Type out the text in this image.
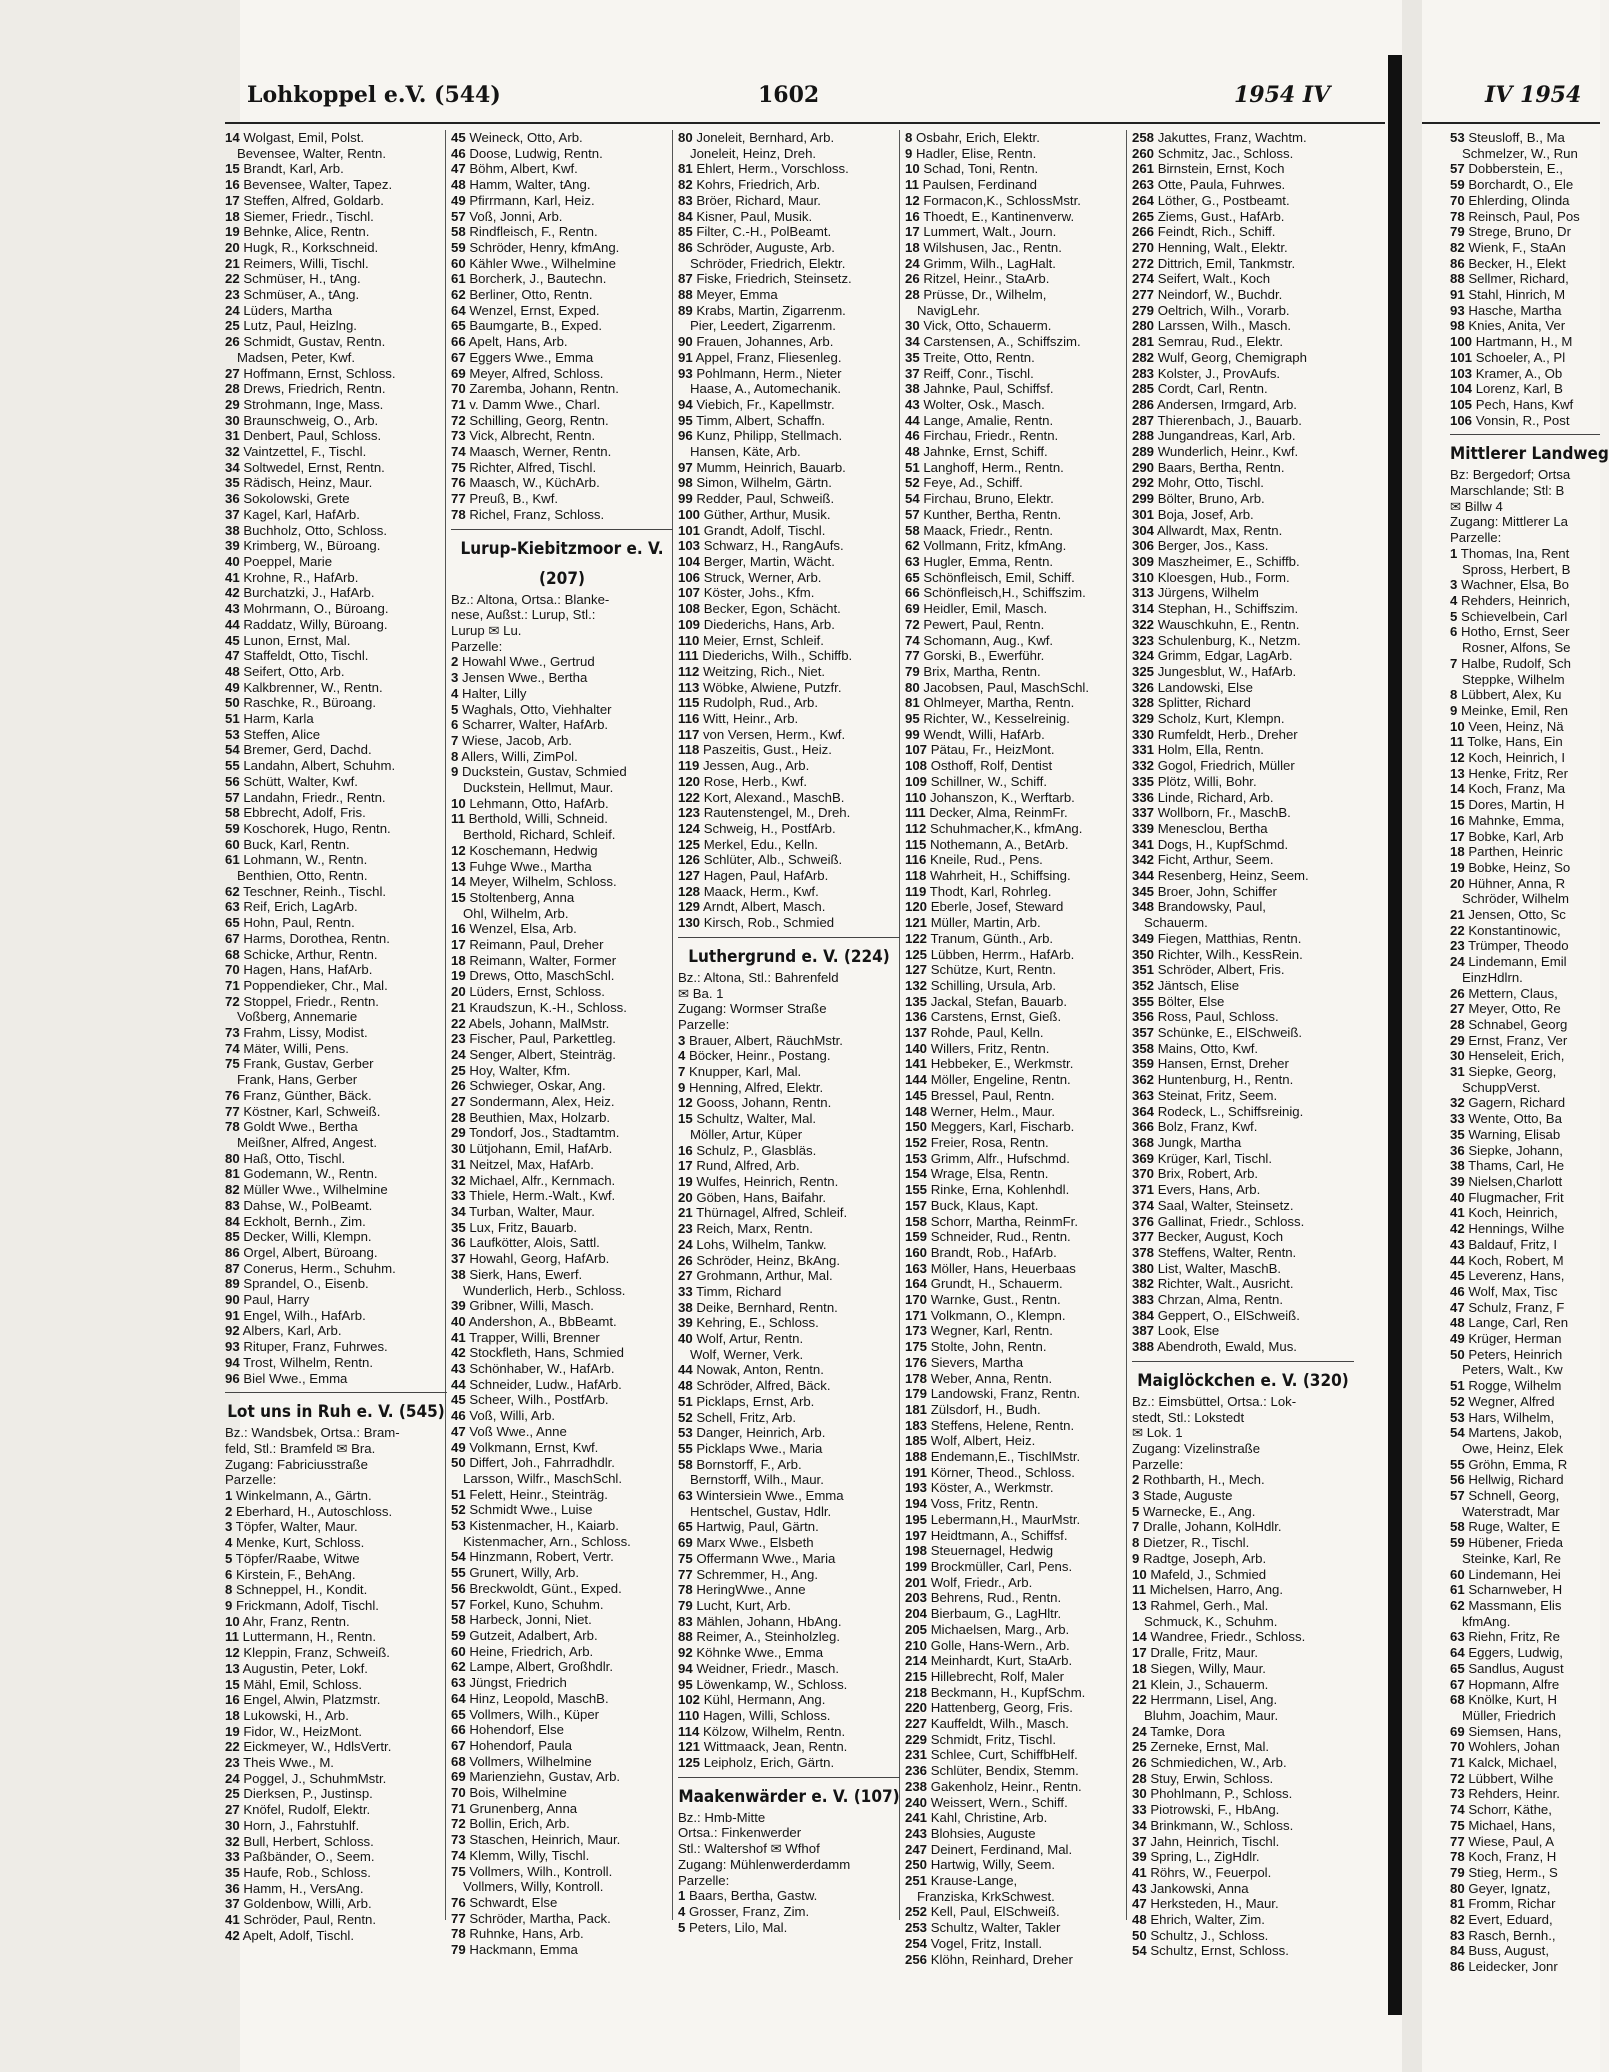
Lohkoppel e.V. (544)	1602	1954 IV	IV 1954
14 Wolgast, Emil, Polst.
Bevensee, Walter, Rentn.
15 Brandt, Karl, Arb.
16 Bevensee, Walter, Tapez.
17 Steffen, Alfred, Goldarb.
18 Siemer, Friedr., Tischl.
19 Behnke, Alice, Rentn.
20 Hugk, R., Korkschneid.
21 Reimers, Willi, Tischl.
22 Schmüser, H., tAng.
23 Schmüser, A., tAng.
24 Lüders, Martha
25 Lutz, Paul, Heizlng.
26 Schmidt, Gustav, Rentn.
Madsen, Peter, Kwf.
27 Hoffmann, Ernst, Schloss.
28 Drews, Friedrich, Rentn.
29 Strohmann, Inge, Mass.
30 Braunschweig, O., Arb.
31 Denbert, Paul, Schloss.
32 Vaintzettel, F., Tischl.
34 Soltwedel, Ernst, Rentn.
35 Rädisch, Heinz, Maur.
36 Sokolowski, Grete
37 Kagel, Karl, HafArb.
38 Buchholz, Otto, Schloss.
39 Krimberg, W., Büroang.
40 Poeppel, Marie
41 Krohne, R., HafArb.
42 Burchatzki, J., HafArb.
43 Mohrmann, O., Büroang.
44 Raddatz, Willy, Büroang.
45 Lunon, Ernst, Mal.
47 Staffeldt, Otto, Tischl.
48 Seifert, Otto, Arb.
49 Kalkbrenner, W., Rentn.
50 Raschke, R., Büroang.
51 Harm, Karla
53 Steffen, Alice
54 Bremer, Gerd, Dachd.
55 Landahn, Albert, Schuhm.
56 Schütt, Walter, Kwf.
57 Landahn, Friedr., Rentn.
58 Ebbrecht, Adolf, Fris.
59 Koschorek, Hugo, Rentn.
60 Buck, Karl, Rentn.
61 Lohmann, W., Rentn.
Benthien, Otto, Rentn.
62 Teschner, Reinh., Tischl.
63 Reif, Erich, LagArb.
65 Hohn, Paul, Rentn.
67 Harms, Dorothea, Rentn.
68 Schicke, Arthur, Rentn.
70 Hagen, Hans, HafArb.
71 Poppendieker, Chr., Mal.
72 Stoppel, Friedr., Rentn.
Voßberg, Annemarie
73 Frahm, Lissy, Modist.
74 Mäter, Willi, Pens.
75 Frank, Gustav, Gerber
Frank, Hans, Gerber
76 Franz, Günther, Bäck.
77 Köstner, Karl, Schweiß.
78 Goldt Wwe., Bertha
Meißner, Alfred, Angest.
80 Haß, Otto, Tischl.
81 Godemann, W., Rentn.
82 Müller Wwe., Wilhelmine
83 Dahse, W., PolBeamt.
84 Eckholt, Bernh., Zim.
85 Decker, Willi, Klempn.
86 Orgel, Albert, Büroang.
87 Conerus, Herm., Schuhm.
89 Sprandel, O., Eisenb.
90 Paul, Harry
91 Engel, Wilh., HafArb.
92 Albers, Karl, Arb.
93 Rituper, Franz, Fuhrwes.
94 Trost, Wilhelm, Rentn.
96 Biel Wwe., Emma
Lot uns in Ruh e. V. (545)
Bz.: Wandsbek, Ortsa.: Bram-
feld, Stl.: Bramfeld ✉ Bra.
Zugang: Fabriciusstraße
Parzelle:
1 Winkelmann, A., Gärtn.
2 Eberhard, H., Autoschloss.
3 Töpfer, Walter, Maur.
4 Menke, Kurt, Schloss.
5 Töpfer/Raabe, Witwe
6 Kirstein, F., BehAng.
8 Schneppel, H., Kondit.
9 Frickmann, Adolf, Tischl.
10 Ahr, Franz, Rentn.
11 Luttermann, H., Rentn.
12 Kleppin, Franz, Schweiß.
13 Augustin, Peter, Lokf.
15 Mähl, Emil, Schloss.
16 Engel, Alwin, Platzmstr.
18 Lukowski, H., Arb.
19 Fidor, W., HeizMont.
22 Eickmeyer, W., HdlsVertr.
23 Theis Wwe., M.
24 Poggel, J., SchuhmMstr.
25 Dierksen, P., Justinsp.
27 Knöfel, Rudolf, Elektr.
30 Horn, J., Fahrstuhlf.
32 Bull, Herbert, Schloss.
33 Paßbänder, O., Seem.
35 Haufe, Rob., Schloss.
36 Hamm, H., VersAng.
37 Goldenbow, Willi, Arb.
41 Schröder, Paul, Rentn.
42 Apelt, Adolf, Tischl.
45 Weineck, Otto, Arb.
46 Doose, Ludwig, Rentn.
47 Böhm, Albert, Kwf.
48 Hamm, Walter, tAng.
49 Pfirrmann, Karl, Heiz.
57 Voß, Jonni, Arb.
58 Rindfleisch, F., Rentn.
59 Schröder, Henry, kfmAng.
60 Kähler Wwe., Wilhelmine
61 Borcherk, J., Bautechn.
62 Berliner, Otto, Rentn.
64 Wenzel, Ernst, Exped.
65 Baumgarte, B., Exped.
66 Apelt, Hans, Arb.
67 Eggers Wwe., Emma
69 Meyer, Alfred, Schloss.
70 Zaremba, Johann, Rentn.
71 v. Damm Wwe., Charl.
72 Schilling, Georg, Rentn.
73 Vick, Albrecht, Rentn.
74 Maasch, Werner, Rentn.
75 Richter, Alfred, Tischl.
76 Maasch, W., KüchArb.
77 Preuß, B., Kwf.
78 Richel, Franz, Schloss.
Lurup-Kiebitzmoor e. V.
(207)
Bz.: Altona, Ortsa.: Blanke-
nese, Außst.: Lurup, Stl.:
Lurup ✉ Lu.
Parzelle:
2 Howahl Wwe., Gertrud
3 Jensen Wwe., Bertha
4 Halter, Lilly
5 Waghals, Otto, Viehhalter
6 Scharrer, Walter, HafArb.
7 Wiese, Jacob, Arb.
8 Allers, Willi, ZimPol.
9 Duckstein, Gustav, Schmied
Duckstein, Hellmut, Maur.
10 Lehmann, Otto, HafArb.
11 Berthold, Willi, Schneid.
Berthold, Richard, Schleif.
12 Koschemann, Hedwig
13 Fuhge Wwe., Martha
14 Meyer, Wilhelm, Schloss.
15 Stoltenberg, Anna
Ohl, Wilhelm, Arb.
16 Wenzel, Elsa, Arb.
17 Reimann, Paul, Dreher
18 Reimann, Walter, Former
19 Drews, Otto, MaschSchl.
20 Lüders, Ernst, Schloss.
21 Kraudszun, K.-H., Schloss.
22 Abels, Johann, MalMstr.
23 Fischer, Paul, Parkettleg.
24 Senger, Albert, Steinträg.
25 Hoy, Walter, Kfm.
26 Schwieger, Oskar, Ang.
27 Sondermann, Alex, Heiz.
28 Beuthien, Max, Holzarb.
29 Tondorf, Jos., Stadtamtm.
30 Lütjohann, Emil, HafArb.
31 Neitzel, Max, HafArb.
32 Michael, Alfr., Kernmach.
33 Thiele, Herm.-Walt., Kwf.
34 Turban, Walter, Maur.
35 Lux, Fritz, Bauarb.
36 Laufkötter, Alois, Sattl.
37 Howahl, Georg, HafArb.
38 Sierk, Hans, Ewerf.
Wunderlich, Herb., Schloss.
39 Gribner, Willi, Masch.
40 Andershon, A., BbBeamt.
41 Trapper, Willi, Brenner
42 Stockfleth, Hans, Schmied
43 Schönhaber, W., HafArb.
44 Schneider, Ludw., HafArb.
45 Scheer, Wilh., PostfArb.
46 Voß, Willi, Arb.
47 Voß Wwe., Anne
49 Volkmann, Ernst, Kwf.
50 Differt, Joh., Fahrradhdlr.
Larsson, Wilfr., MaschSchl.
51 Felett, Heinr., Steinträg.
52 Schmidt Wwe., Luise
53 Kistenmacher, H., Kaiarb.
Kistenmacher, Arn., Schloss.
54 Hinzmann, Robert, Vertr.
55 Grunert, Willy, Arb.
56 Breckwoldt, Günt., Exped.
57 Forkel, Kuno, Schuhm.
58 Harbeck, Jonni, Niet.
59 Gutzeit, Adalbert, Arb.
60 Heine, Friedrich, Arb.
62 Lampe, Albert, Großhdlr.
63 Jüngst, Friedrich
64 Hinz, Leopold, MaschB.
65 Vollmers, Wilh., Küper
66 Hohendorf, Else
67 Hohendorf, Paula
68 Vollmers, Wilhelmine
69 Marienziehn, Gustav, Arb.
70 Bois, Wilhelmine
71 Grunenberg, Anna
72 Bollin, Erich, Arb.
73 Staschen, Heinrich, Maur.
74 Klemm, Willy, Tischl.
75 Vollmers, Wilh., Kontroll.
Vollmers, Willy, Kontroll.
76 Schwardt, Else
77 Schröder, Martha, Pack.
78 Ruhnke, Hans, Arb.
79 Hackmann, Emma
80 Joneleit, Bernhard, Arb.
Joneleit, Heinz, Dreh.
81 Ehlert, Herm., Vorschloss.
82 Kohrs, Friedrich, Arb.
83 Bröer, Richard, Maur.
84 Kisner, Paul, Musik.
85 Filter, C.-H., PolBeamt.
86 Schröder, Auguste, Arb.
Schröder, Friedrich, Elektr.
87 Fiske, Friedrich, Steinsetz.
88 Meyer, Emma
89 Krabs, Martin, Zigarrenm.
Pier, Leedert, Zigarrenm.
90 Frauen, Johannes, Arb.
91 Appel, Franz, Fliesenleg.
93 Pohlmann, Herm., Nieter
Haase, A., Automechanik.
94 Viebich, Fr., Kapellmstr.
95 Timm, Albert, Schaffn.
96 Kunz, Philipp, Stellmach.
Hansen, Käte, Arb.
97 Mumm, Heinrich, Bauarb.
98 Simon, Wilhelm, Gärtn.
99 Redder, Paul, Schweiß.
100 Güther, Arthur, Musik.
101 Grandt, Adolf, Tischl.
103 Schwarz, H., RangAufs.
104 Berger, Martin, Wächt.
106 Struck, Werner, Arb.
107 Köster, Johs., Kfm.
108 Becker, Egon, Schächt.
109 Diederichs, Hans, Arb.
110 Meier, Ernst, Schleif.
111 Diederichs, Wilh., Schiffb.
112 Weitzing, Rich., Niet.
113 Wöbke, Alwiene, Putzfr.
115 Rudolph, Rud., Arb.
116 Witt, Heinr., Arb.
117 von Versen, Herm., Kwf.
118 Paszeitis, Gust., Heiz.
119 Jessen, Aug., Arb.
120 Rose, Herb., Kwf.
122 Kort, Alexand., MaschB.
123 Rautenstengel, M., Dreh.
124 Schweig, H., PostfArb.
125 Merkel, Edu., Kelln.
126 Schlüter, Alb., Schweiß.
127 Hagen, Paul, HafArb.
128 Maack, Herm., Kwf.
129 Arndt, Albert, Masch.
130 Kirsch, Rob., Schmied
Luthergrund e. V. (224)
Bz.: Altona, Stl.: Bahrenfeld
✉ Ba. 1
Zugang: Wormser Straße
Parzelle:
3 Brauer, Albert, RäuchMstr.
4 Böcker, Heinr., Postang.
7 Knupper, Karl, Mal.
9 Henning, Alfred, Elektr.
12 Gooss, Johann, Rentn.
15 Schultz, Walter, Mal.
Möller, Artur, Küper
16 Schulz, P., Glasbläs.
17 Rund, Alfred, Arb.
19 Wulfes, Heinrich, Rentn.
20 Göben, Hans, Baifahr.
21 Thürnagel, Alfred, Schleif.
23 Reich, Marx, Rentn.
24 Lohs, Wilhelm, Tankw.
26 Schröder, Heinz, BkAng.
27 Grohmann, Arthur, Mal.
33 Timm, Richard
38 Deike, Bernhard, Rentn.
39 Kehring, E., Schloss.
40 Wolf, Artur, Rentn.
Wolf, Werner, Verk.
44 Nowak, Anton, Rentn.
48 Schröder, Alfred, Bäck.
51 Picklaps, Ernst, Arb.
52 Schell, Fritz, Arb.
53 Danger, Heinrich, Arb.
55 Picklaps Wwe., Maria
58 Bornstorff, F., Arb.
Bernstorff, Wilh., Maur.
63 Wintersiein Wwe., Emma
Hentschel, Gustav, Hdlr.
65 Hartwig, Paul, Gärtn.
69 Marx Wwe., Elsbeth
75 Offermann Wwe., Maria
77 Schremmer, H., Ang.
78 HeringWwe., Anne
79 Lucht, Kurt, Arb.
83 Mählen, Johann, HbAng.
88 Reimer, A., Steinholzleg.
92 Köhnke Wwe., Emma
94 Weidner, Friedr., Masch.
95 Löwenkamp, W., Schloss.
102 Kühl, Hermann, Ang.
110 Hagen, Willi, Schloss.
114 Kölzow, Wilhelm, Rentn.
121 Wittmaack, Jean, Rentn.
125 Leipholz, Erich, Gärtn.
Maakenwärder e. V. (107)
Bz.: Hmb-Mitte
Ortsa.: Finkenwerder
Stl.: Waltershof ✉ Wfhof
Zugang: Mühlenwerderdamm
Parzelle:
1 Baars, Bertha, Gastw.
4 Grosser, Franz, Zim.
5 Peters, Lilo, Mal.
8 Osbahr, Erich, Elektr.
9 Hadler, Elise, Rentn.
10 Schad, Toni, Rentn.
11 Paulsen, Ferdinand
12 Formacon,K., SchlossMstr.
16 Thoedt, E., Kantinenverw.
17 Lummert, Walt., Journ.
18 Wilshusen, Jac., Rentn.
24 Grimm, Wilh., LagHalt.
26 Ritzel, Heinr., StaArb.
28 Prüsse, Dr., Wilhelm,
NavigLehr.
30 Vick, Otto, Schauerm.
34 Carstensen, A., Schiffszim.
35 Treite, Otto, Rentn.
37 Reiff, Conr., Tischl.
38 Jahnke, Paul, Schiffsf.
43 Wolter, Osk., Masch.
44 Lange, Amalie, Rentn.
46 Firchau, Friedr., Rentn.
48 Jahnke, Ernst, Schiff.
51 Langhoff, Herm., Rentn.
52 Feye, Ad., Schiff.
54 Firchau, Bruno, Elektr.
57 Kunther, Bertha, Rentn.
58 Maack, Friedr., Rentn.
62 Vollmann, Fritz, kfmAng.
63 Hugler, Emma, Rentn.
65 Schönfleisch, Emil, Schiff.
66 Schönfleisch,H., Schiffszim.
69 Heidler, Emil, Masch.
72 Pewert, Paul, Rentn.
74 Schomann, Aug., Kwf.
77 Gorski, B., Ewerführ.
79 Brix, Martha, Rentn.
80 Jacobsen, Paul, MaschSchl.
81 Ohlmeyer, Martha, Rentn.
95 Richter, W., Kesselreinig.
99 Wendt, Willi, HafArb.
107 Pätau, Fr., HeizMont.
108 Osthoff, Rolf, Dentist
109 Schillner, W., Schiff.
110 Johanszon, K., Werftarb.
111 Decker, Alma, ReinmFr.
112 Schuhmacher,K., kfmAng.
115 Nothemann, A., BetArb.
116 Kneile, Rud., Pens.
118 Wahrheit, H., Schiffsing.
119 Thodt, Karl, Rohrleg.
120 Eberle, Josef, Steward
121 Müller, Martin, Arb.
122 Tranum, Günth., Arb.
125 Lübben, Herrm., HafArb.
127 Schütze, Kurt, Rentn.
132 Schilling, Ursula, Arb.
135 Jackal, Stefan, Bauarb.
136 Carstens, Ernst, Gieß.
137 Rohde, Paul, Kelln.
140 Willers, Fritz, Rentn.
141 Hebbeker, E., Werkmstr.
144 Möller, Engeline, Rentn.
145 Bressel, Paul, Rentn.
148 Werner, Helm., Maur.
150 Meggers, Karl, Fischarb.
152 Freier, Rosa, Rentn.
153 Grimm, Alfr., Hufschmd.
154 Wrage, Elsa, Rentn.
155 Rinke, Erna, Kohlenhdl.
157 Buck, Klaus, Kapt.
158 Schorr, Martha, ReinmFr.
159 Schneider, Rud., Rentn.
160 Brandt, Rob., HafArb.
163 Möller, Hans, Heuerbaas
164 Grundt, H., Schauerm.
170 Warnke, Gust., Rentn.
171 Volkmann, O., Klempn.
173 Wegner, Karl, Rentn.
175 Stolte, John, Rentn.
176 Sievers, Martha
178 Weber, Anna, Rentn.
179 Landowski, Franz, Rentn.
181 Zülsdorf, H., Budh.
183 Steffens, Helene, Rentn.
185 Wolf, Albert, Heiz.
188 Endemann,E., TischlMstr.
191 Körner, Theod., Schloss.
193 Köster, A., Werkmstr.
194 Voss, Fritz, Rentn.
195 Lebermann,H., MaurMstr.
197 Heidtmann, A., Schiffsf.
198 Steuernagel, Hedwig
199 Brockmüller, Carl, Pens.
201 Wolf, Friedr., Arb.
203 Behrens, Rud., Rentn.
204 Bierbaum, G., LagHltr.
205 Michaelsen, Marg., Arb.
210 Golle, Hans-Wern., Arb.
214 Meinhardt, Kurt, StaArb.
215 Hillebrecht, Rolf, Maler
218 Beckmann, H., KupfSchm.
220 Hattenberg, Georg, Fris.
227 Kauffeldt, Wilh., Masch.
229 Schmidt, Fritz, Tischl.
231 Schlee, Curt, SchiffbHelf.
236 Schlüter, Bendix, Stemm.
238 Gakenholz, Heinr., Rentn.
240 Weissert, Wern., Schiff.
241 Kahl, Christine, Arb.
243 Blohsies, Auguste
247 Deinert, Ferdinand, Mal.
250 Hartwig, Willy, Seem.
251 Krause-Lange,
Franziska, KrkSchwest.
252 Kell, Paul, ElSchweiß.
253 Schultz, Walter, Takler
254 Vogel, Fritz, Install.
256 Klöhn, Reinhard, Dreher
258 Jakuttes, Franz, Wachtm.
260 Schmitz, Jac., Schloss.
261 Birnstein, Ernst, Koch
263 Otte, Paula, Fuhrwes.
264 Löther, G., Postbeamt.
265 Ziems, Gust., HafArb.
266 Feindt, Rich., Schiff.
270 Henning, Walt., Elektr.
272 Dittrich, Emil, Tankmstr.
274 Seifert, Walt., Koch
277 Neindorf, W., Buchdr.
279 Oeltrich, Wilh., Vorarb.
280 Larssen, Wilh., Masch.
281 Semrau, Rud., Elektr.
282 Wulf, Georg, Chemigraph
283 Kolster, J., ProvAufs.
285 Cordt, Carl, Rentn.
286 Andersen, Irmgard, Arb.
287 Thierenbach, J., Bauarb.
288 Jungandreas, Karl, Arb.
289 Wunderlich, Heinr., Kwf.
290 Baars, Bertha, Rentn.
292 Mohr, Otto, Tischl.
299 Bölter, Bruno, Arb.
301 Boja, Josef, Arb.
304 Allwardt, Max, Rentn.
306 Berger, Jos., Kass.
309 Maszheimer, E., Schiffb.
310 Kloesgen, Hub., Form.
313 Jürgens, Wilhelm
314 Stephan, H., Schiffszim.
322 Wauschkuhn, E., Rentn.
323 Schulenburg, K., Netzm.
324 Grimm, Edgar, LagArb.
325 Jungesblut, W., HafArb.
326 Landowski, Else
328 Splitter, Richard
329 Scholz, Kurt, Klempn.
330 Rumfeldt, Herb., Dreher
331 Holm, Ella, Rentn.
332 Gogol, Friedrich, Müller
335 Plötz, Willi, Bohr.
336 Linde, Richard, Arb.
337 Wollborn, Fr., MaschB.
339 Menesclou, Bertha
341 Dogs, H., KupfSchmd.
342 Ficht, Arthur, Seem.
344 Resenberg, Heinz, Seem.
345 Broer, John, Schiffer
348 Brandowsky, Paul,
Schauerm.
349 Fiegen, Matthias, Rentn.
350 Richter, Wilh., KessRein.
351 Schröder, Albert, Fris.
352 Jäntsch, Elise
355 Bölter, Else
356 Ross, Paul, Schloss.
357 Schünke, E., ElSchweiß.
358 Mains, Otto, Kwf.
359 Hansen, Ernst, Dreher
362 Huntenburg, H., Rentn.
363 Steinat, Fritz, Seem.
364 Rodeck, L., Schiffsreinig.
366 Bolz, Franz, Kwf.
368 Jungk, Martha
369 Krüger, Karl, Tischl.
370 Brix, Robert, Arb.
371 Evers, Hans, Arb.
374 Saal, Walter, Steinsetz.
376 Gallinat, Friedr., Schloss.
377 Becker, August, Koch
378 Steffens, Walter, Rentn.
380 List, Walter, MaschB.
382 Richter, Walt., Ausricht.
383 Chrzan, Alma, Rentn.
384 Geppert, O., ElSchweiß.
387 Look, Else
388 Abendroth, Ewald, Mus.
Maiglöckchen e. V. (320)
Bz.: Eimsbüttel, Ortsa.: Lok-
stedt, Stl.: Lokstedt
✉ Lok. 1
Zugang: Vizelinstraße
Parzelle:
2 Rothbarth, H., Mech.
3 Stade, Auguste
5 Warnecke, E., Ang.
7 Dralle, Johann, KolHdlr.
8 Dietzer, R., Tischl.
9 Radtge, Joseph, Arb.
10 Mafeld, J., Schmied
11 Michelsen, Harro, Ang.
13 Rahmel, Gerh., Mal.
Schmuck, K., Schuhm.
14 Wandree, Friedr., Schloss.
17 Dralle, Fritz, Maur.
18 Siegen, Willy, Maur.
21 Klein, J., Schauerm.
22 Herrmann, Lisel, Ang.
Bluhm, Joachim, Maur.
24 Tamke, Dora
25 Zerneke, Ernst, Mal.
26 Schmiedichen, W., Arb.
28 Stuy, Erwin, Schloss.
30 Phohlmann, P., Schloss.
33 Piotrowski, F., HbAng.
34 Brinkmann, W., Schloss.
37 Jahn, Heinrich, Tischl.
39 Spring, L., ZigHdlr.
41 Röhrs, W., Feuerpol.
43 Jankowski, Anna
47 Herksteden, H., Maur.
48 Ehrich, Walter, Zim.
50 Schultz, J., Schloss.
54 Schultz, Ernst, Schloss.
53 Steusloff, B., Ma
Schmelzer, W., Run
57 Dobberstein, E.,
59 Borchardt, O., Ele
70 Ehlerding, Olinda
78 Reinsch, Paul, Pos
79 Strege, Bruno, Dr
82 Wienk, F., StaAn
86 Becker, H., Elekt
88 Sellmer, Richard,
91 Stahl, Hinrich, M
93 Hasche, Martha
98 Knies, Anita, Ver
100 Hartmann, H., M
101 Schoeler, A., Pl
103 Kramer, A., Ob
104 Lorenz, Karl, B
105 Pech, Hans, Kwf
106 Vonsin, R., Post
Mittlerer Landweg
Bz: Bergedorf; Ortsa
Marschlande; Stl: B
✉ Billw 4
Zugang: Mittlerer La
Parzelle:
1 Thomas, Ina, Rent
Spross, Herbert, B
3 Wachner, Elsa, Bo
4 Rehders, Heinrich,
5 Schievelbein, Carl
6 Hotho, Ernst, Seer
Rosner, Alfons, Se
7 Halbe, Rudolf, Sch
Steppke, Wilhelm
8 Lübbert, Alex, Ku
9 Meinke, Emil, Ren
10 Veen, Heinz, Nä
11 Tolke, Hans, Ein
12 Koch, Heinrich, I
13 Henke, Fritz, Rer
14 Koch, Franz, Ma
15 Dores, Martin, H
16 Mahnke, Emma,
17 Bobke, Karl, Arb
18 Parthen, Heinric
19 Bobke, Heinz, So
20 Hühner, Anna, R
Schröder, Wilhelm
21 Jensen, Otto, Sc
22 Konstantinowic,
23 Trümper, Theodo
24 Lindemann, Emil
EinzHdlrn.
26 Mettern, Claus,
27 Meyer, Otto, Re
28 Schnabel, Georg
29 Ernst, Franz, Ver
30 Henseleit, Erich,
31 Siepke, Georg,
SchuppVerst.
32 Gagern, Richard
33 Wente, Otto, Ba
35 Warning, Elisab
36 Siepke, Johann,
38 Thams, Carl, He
39 Nielsen,Charlott
40 Flugmacher, Frit
41 Koch, Heinrich,
42 Hennings, Wilhe
43 Baldauf, Fritz, I
44 Koch, Robert, M
45 Leverenz, Hans,
46 Wolf, Max, Tisc
47 Schulz, Franz, F
48 Lange, Carl, Ren
49 Krüger, Herman
50 Peters, Heinrich
Peters, Walt., Kw
51 Rogge, Wilhelm
52 Wegner, Alfred
53 Hars, Wilhelm,
54 Martens, Jakob,
Owe, Heinz, Elek
55 Gröhn, Emma, R
56 Hellwig, Richard
57 Schnell, Georg,
Waterstradt, Mar
58 Ruge, Walter, E
59 Hübener, Frieda
Steinke, Karl, Re
60 Lindemann, Hei
61 Scharnweber, H
62 Massmann, Elis
kfmAng.
63 Riehn, Fritz, Re
64 Eggers, Ludwig,
65 Sandlus, August
67 Hopmann, Alfre
68 Knölke, Kurt, H
Müller, Friedrich
69 Siemsen, Hans,
70 Wohlers, Johan
71 Kalck, Michael,
72 Lübbert, Wilhe
73 Rehders, Heinr.
74 Schorr, Käthe,
75 Michael, Hans,
77 Wiese, Paul, A
78 Koch, Franz, H
79 Stieg, Herm., S
80 Geyer, Ignatz,
81 Fromm, Richar
82 Evert, Eduard,
83 Rasch, Bernh.,
84 Buss, August,
86 Leidecker, Jonr
